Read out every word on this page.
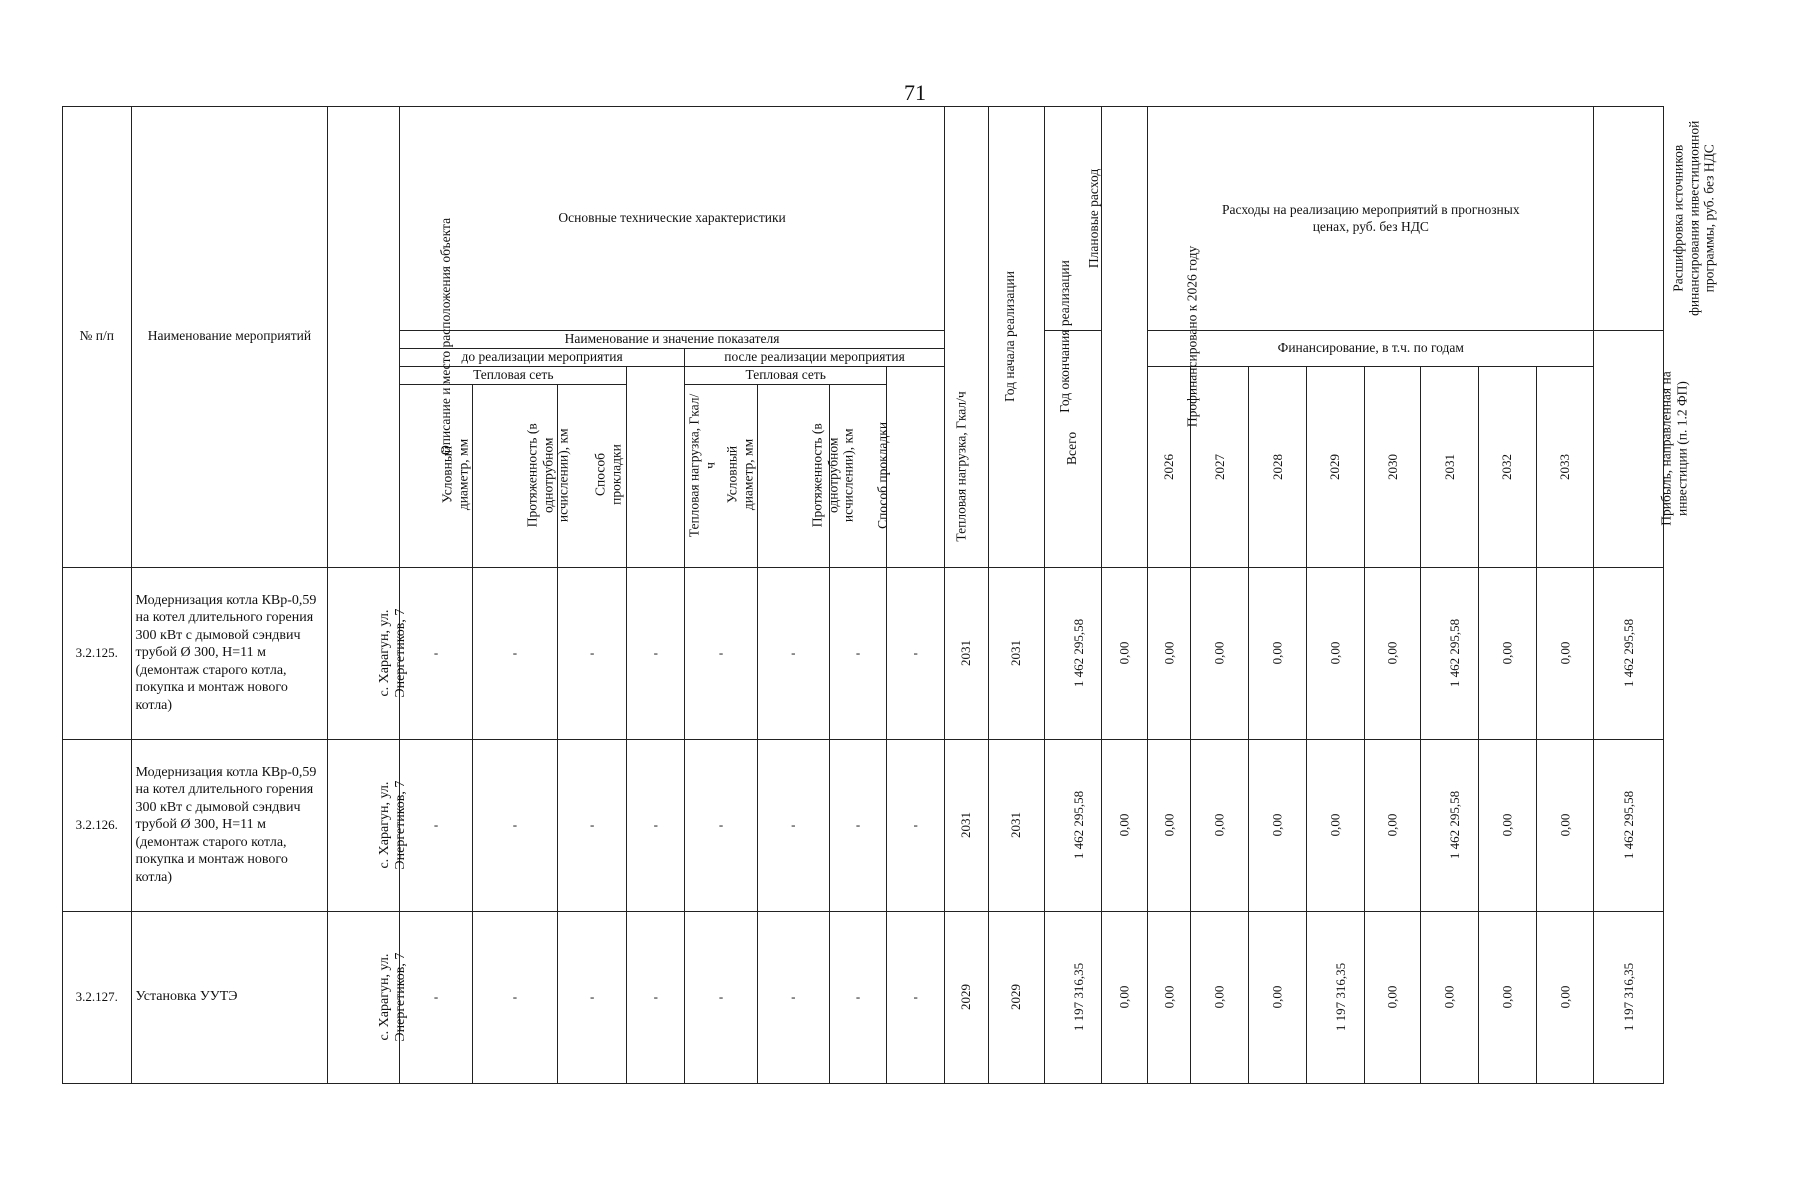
71
№ п/п	Наименование мероприятий	Описание и место расположения объекта	Основные технические характеристики								Год начала реализации	Год окончания реализации	Плановые расход	Профинансировано к 2026 году	Расходы на реализацию мероприятий в прогнозных ценах, руб. без НДС								Расшифровка источников финансирования инвестиционной программы, руб. без НДС
			Наименование и значение показателя										Всего		Финансирование, в т.ч. по годам								Прибыль, направленная на инвестиции (п. 1.2 ФП)
			до реализации мероприятия				после реализации мероприятия																
			Тепловая сеть			Тепловая нагрузка, Гкал/ч	Тепловая сеть			Тепловая нагрузка, Гкал/ч					2026	2027	2028	2029	2030	2031	2032	2033	
			Условный диаметр, мм	Протяженность (в однотрубном исчислении), км	Способ прокладки		Условный диаметр, мм	Протяженность (в однотрубном исчислении), км	Способ прокладки														
3.2.125.	Модернизация котла КВр-0,59 на котел длительного горения 300 кВт с дымовой сэндвич трубой Ø 300, Н=11 м (демонтаж старого котла, покупка и монтаж нового котла)	с. Харагун, ул. Энергетиков, 7	-	-	-	-	-	-	-	-	2031	2031	1 462 295,58	0,00	0,00	0,00	0,00	0,00	0,00	1 462 295,58	0,00	0,00	1 462 295,58
3.2.126.	Модернизация котла КВр-0,59 на котел длительного горения 300 кВт с дымовой сэндвич трубой Ø 300, Н=11 м (демонтаж старого котла, покупка и монтаж нового котла)	с. Харагун, ул. Энергетиков, 7	-	-	-	-	-	-	-	-	2031	2031	1 462 295,58	0,00	0,00	0,00	0,00	0,00	0,00	1 462 295,58	0,00	0,00	1 462 295,58
3.2.127.	Установка УУТЭ	с. Харагун, ул. Энергетиков, 7	-	-	-	-	-	-	-	-	2029	2029	1 197 316,35	0,00	0,00	0,00	0,00	1 197 316,35	0,00	0,00	0,00	0,00	1 197 316,35
